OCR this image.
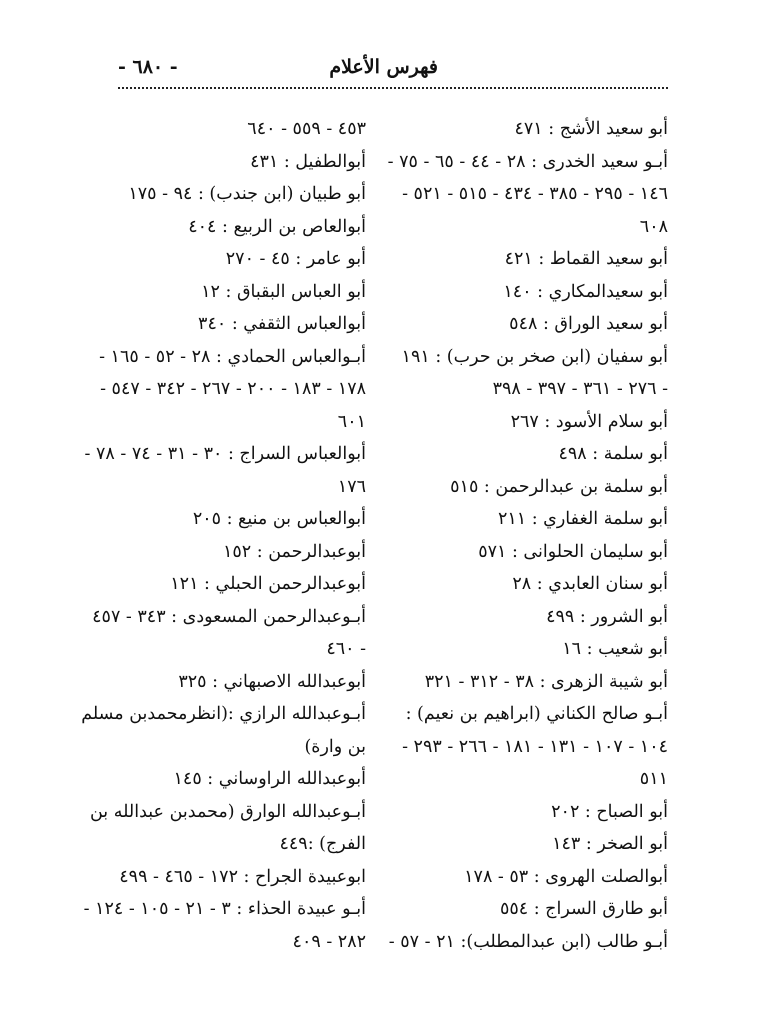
فهرس الأعلام
- ٦٨٠ -
أبو سعيد الأشج : ٤٧١
أبـو سعيد الخدرى : ٢٨ - ٤٤ - ٦٥ - ٧٥ -
١٤٦ - ٢٩٥ - ٣٨٥ - ٤٣٤ - ٥١٥ - ٥٢١ -
٦٠٨
أبو سعيد القماط : ٤٢١
أبو سعيدالمكاري : ١٤٠
أبو سعيد الوراق : ٥٤٨
أبو سفيان (ابن صخر بن حرب) : ١٩١
- ٢٧٦ - ٣٦١ - ٣٩٧ - ٣٩٨
أبو سلام الأسود : ٢٦٧
أبو سلمة : ٤٩٨
أبو سلمة بن عبدالرحمن : ٥١٥
أبو سلمة الغفاري : ٢١١
أبو سليمان الحلوانى : ٥٧١
أبو سنان العابدي : ٢٨
أبو الشرور : ٤٩٩
أبو شعيب : ١٦
أبو شيبة الزهرى : ٣٨ - ٣١٢ - ٣٢١
أبـو صالح الكناني (ابراهيم بن نعيم) :
١٠٤ - ١٠٧ - ١٣١ - ١٨١ - ٢٦٦ - ٢٩٣ -
٥١١
أبو الصباح : ٢٠٢
أبو الصخر : ١٤٣
أبوالصلت الهروى : ٥٣ - ١٧٨
أبو طارق السراج : ٥٥٤
أبـو طالب (ابن عبدالمطلب): ٢١ - ٥٧ -
٤٥٣ - ٥٥٩ - ٦٤٠
أبوالطفيل : ٤٣١
أبو طبيان (ابن جندب) : ٩٤ - ١٧٥
أبوالعاص بن الربيع : ٤٠٤
أبو عامر : ٤٥ - ٢٧٠
أبو العباس البقباق : ١٢
أبوالعباس الثقفي : ٣٤٠
أبـوالعباس الحمادي : ٢٨ - ٥٢ - ١٦٥ -
١٧٨ - ١٨٣ - ٢٠٠ - ٢٦٧ - ٣٤٢ - ٥٤٧ -
٦٠١
أبوالعباس السراج : ٣٠ - ٣١ - ٧٤ - ٧٨ -
١٧٦
أبوالعباس بن منيع : ٢٠٥
أبوعبدالرحمن : ١٥٢
أبوعبدالرحمن الحبلي : ١٢١
أبـوعبدالرحمن المسعودى : ٣٤٣ - ٤٥٧
- ٤٦٠
أبوعبدالله الاصبهاني : ٣٢٥
أبـوعبدالله الرازي :(انظرمحمدبن مسلم
بن وارة)
أبوعبدالله الراوساني : ١٤٥
أبـوعبدالله الوارق (محمدبن عبدالله بن
الفرج) :٤٤٩
ابوعبيدة الجراح : ١٧٢ - ٤٦٥ - ٤٩٩
أبـو عبيدة الحذاء : ٣ - ٢١ - ١٠٥ - ١٢٤ -
٢٨٢ - ٤٠٩
